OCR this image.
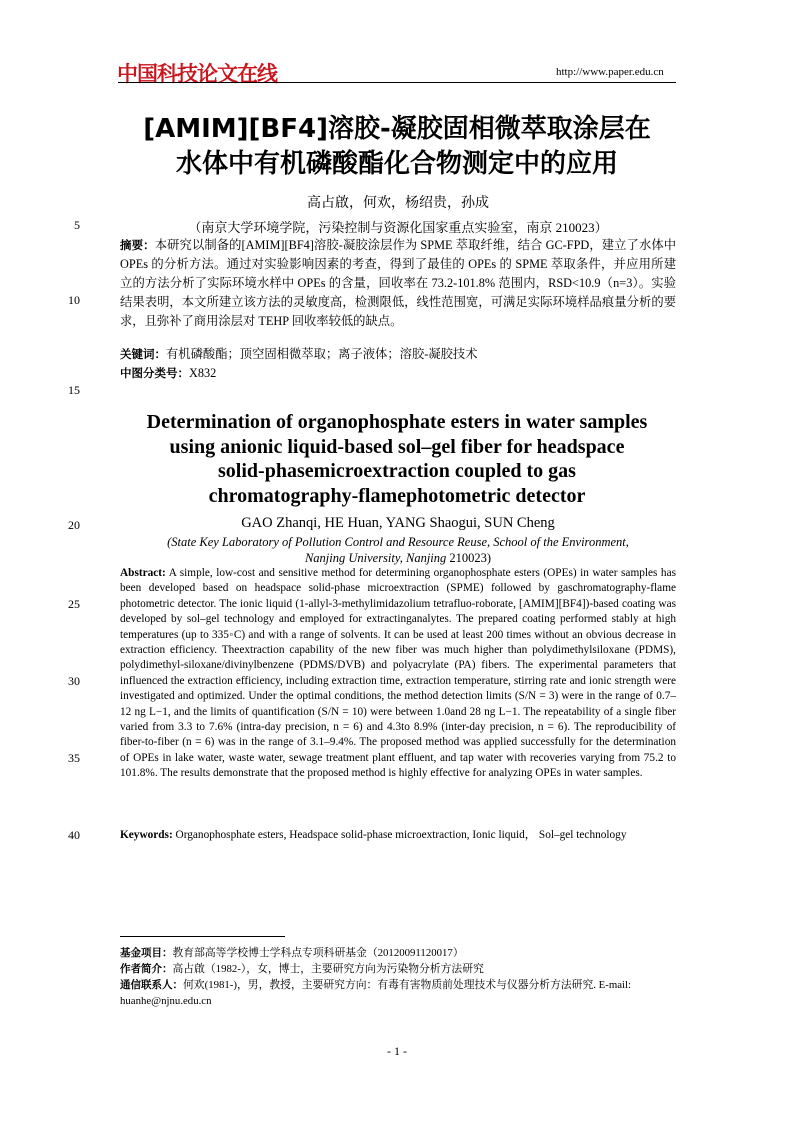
中国科技论文在线	http://www.paper.edu.cn
[AMIM][BF4]溶胶-凝胶固相微萃取涂层在
水体中有机磷酸酯化合物测定中的应用
高占啟，何欢，杨绍贵，孙成
5
10
15
20
25
30
35
40
（南京大学环境学院，污染控制与资源化国家重点实验室，南京 210023）
摘要：本研究以制备的[AMIM][BF4]溶胶-凝胶涂层作为 SPME 萃取纤维，结合 GC-FPD，建立了水体中 OPEs 的分析方法。通过对实验影响因素的考查，得到了最佳的 OPEs 的 SPME 萃取条件，并应用所建立的方法分析了实际环境水样中 OPEs 的含量，回收率在 73.2-101.8% 范围内，RSD<10.9（n=3）。实验结果表明，本文所建立该方法的灵敏度高，检测限低，线性范围宽，可满足实际环境样品痕量分析的要求，且弥补了商用涂层对 TEHP 回收率较低的缺点。
关键词：有机磷酸酯；顶空固相微萃取；离子液体；溶胶-凝胶技术
中图分类号：X832
Determination of organophosphate esters in water samples
using anionic liquid-based sol–gel fiber for headspace
solid-phasemicroextraction coupled to gas
chromatography-flamephotometric detector
GAO Zhanqi, HE Huan, YANG Shaogui, SUN Cheng
(State Key Laboratory of Pollution Control and Resource Reuse, School of the Environment,
Nanjing University, Nanjing 210023)
Abstract: A simple, low-cost and sensitive method for determining organophosphate esters (OPEs) in water samples has been developed based on headspace solid-phase microextraction (SPME) followed by gaschromatography-flame photometric detector. The ionic liquid (1-allyl-3-methylimidazolium tetrafluo-roborate, [AMIM][BF4])-based coating was developed by sol–gel technology and employed for extractinganalytes. The prepared coating performed stably at high temperatures (up to 335◦C) and with a range of solvents. It can be used at least 200 times without an obvious decrease in extraction efficiency. Theextraction capability of the new fiber was much higher than polydimethylsiloxane (PDMS), polydimethyl-siloxane/divinylbenzene (PDMS/DVB) and polyacrylate (PA) fibers. The experimental parameters that influenced the extraction efficiency, including extraction time, extraction temperature, stirring rate and ionic strength were investigated and optimized. Under the optimal conditions, the method detection limits (S/N = 3) were in the range of 0.7–12 ng L−1, and the limits of quantification (S/N = 10) were between 1.0and 28 ng L−1. The repeatability of a single fiber varied from 3.3 to 7.6% (intra-day precision, n = 6) and 4.3to 8.9% (inter-day precision, n = 6). The reproducibility of fiber-to-fiber (n = 6) was in the range of 3.1–9.4%. The proposed method was applied successfully for the determination of OPEs in lake water, waste water, sewage treatment plant effluent, and tap water with recoveries varying from 75.2 to 101.8%. The results demonstrate that the proposed method is highly effective for analyzing OPEs in water samples.
Keywords: Organophosphate esters, Headspace solid-phase microextraction, Ionic liquid， Sol–gel technology
基金项目：教育部高等学校博士学科点专项科研基金（20120091120017）
作者简介：高占啟（1982-），女，博士，主要研究方向为污染物分析方法研究
通信联系人：何欢(1981-)，男，教授，主要研究方向：有毒有害物质前处理技术与仪器分析方法研究. E-mail: huanhe@njnu.edu.cn
- 1 -
